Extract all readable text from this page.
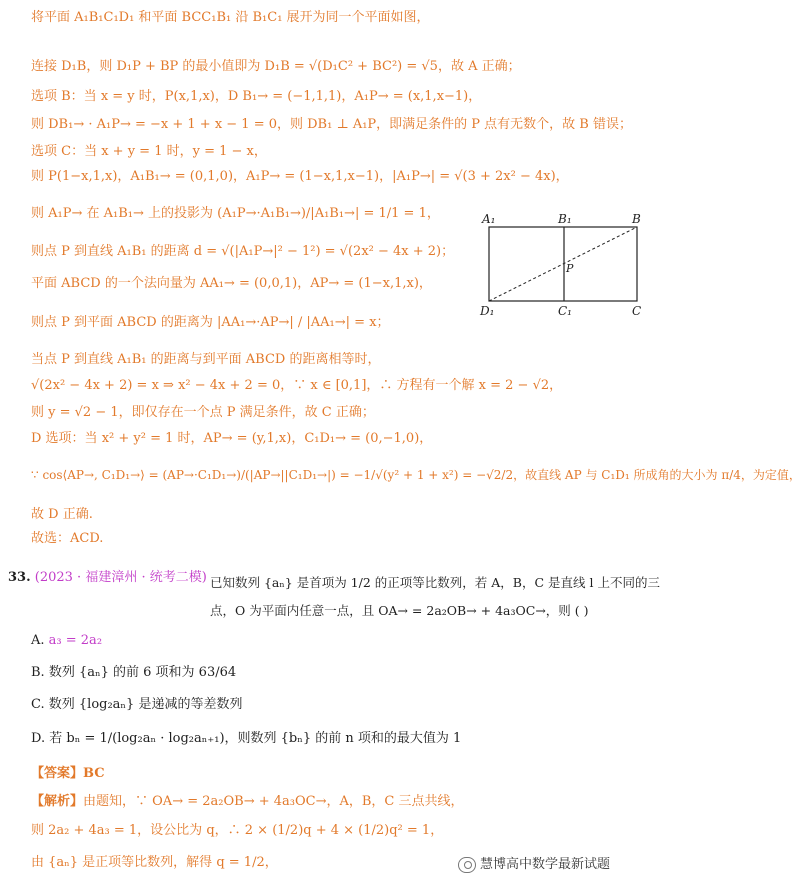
将平面 A₁B₁C₁D₁ 和平面 BCC₁B₁ 沿 B₁C₁ 展开为同一个平面如图，
连接 D₁B，则 D₁P + BP 的最小值即为 D₁B = √(D₁C² + BC²) = √5，故 A 正确；
选项 B：当 x = y 时，P(x,1,x)，D B₁→ = (−1,1,1)，A₁P→ = (x,1,x−1)，
则 DB₁→ · A₁P→ = −x + 1 + x − 1 = 0，则 DB₁ ⊥ A₁P，即满足条件的 P 点有无数个，故 B 错误；
选项 C：当 x + y = 1 时，y = 1 − x，
则 P(1−x,1,x)，A₁B₁→ = (0,1,0)，A₁P→ = (1−x,1,x−1)，|A₁P→| = √(3 + 2x² − 4x)，
则 A₁P→ 在 A₁B₁→ 上的投影为 (A₁P→·A₁B₁→)/|A₁B₁→| = 1/1 = 1，
则点 P 到直线 A₁B₁ 的距离 d = √(|A₁P→|² − 1²) = √(2x² − 4x + 2)；
平面 ABCD 的一个法向量为 AA₁→ = (0,0,1)，AP→ = (1−x,1,x)，
则点 P 到平面 ABCD 的距离为 |AA₁→·AP→| / |AA₁→| = x；
当点 P 到直线 A₁B₁ 的距离与到平面 ABCD 的距离相等时，
√(2x² − 4x + 2) = x ⇒ x² − 4x + 2 = 0，∵ x ∈ [0,1]，∴ 方程有一个解 x = 2 − √2，
则 y = √2 − 1，即仅存在一个点 P 满足条件，故 C 正确；
D 选项：当 x² + y² = 1 时，AP→ = (y,1,x)，C₁D₁→ = (0,−1,0)，
∵ cos⟨AP→, C₁D₁→⟩ = (AP→·C₁D₁→)/(|AP→||C₁D₁→|) = −1/√(y² + 1 + x²) = −√2/2，故直线 AP 与 C₁D₁ 所成角的大小为 π/4，为定值，
故 D 正确.
故选：ACD.
A₁	B₁	B
D₁	C₁	C
P
33. (2023 · 福建漳州 · 统考二模) 已知数列 {aₙ} 是首项为 1/2 的正项等比数列，若 A，B，C 是直线 l 上不同的三点，O 为平面内任意一点，且 OA→ = 2a₂OB→ + 4a₃OC→，则 ( )
A. a₃ = 2a₂
B. 数列 {aₙ} 的前 6 项和为 63/64
C. 数列 {log₂aₙ} 是递减的等差数列
D. 若 bₙ = 1/(log₂aₙ · log₂aₙ₊₁)，则数列 {bₙ} 的前 n 项和的最大值为 1
【答案】BC
【解析】由题知，∵ OA→ = 2a₂OB→ + 4a₃OC→，A，B，C 三点共线，
则 2a₂ + 4a₃ = 1，设公比为 q，∴ 2 × (1/2)q + 4 × (1/2)q² = 1，
由 {aₙ} 是正项等比数列，解得 q = 1/2，	慧博高中数学最新试题
